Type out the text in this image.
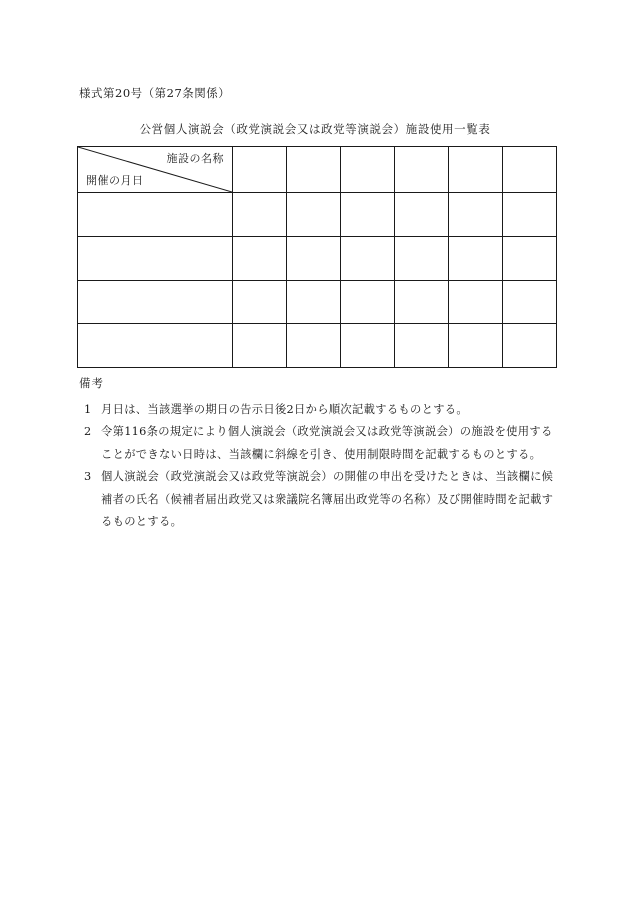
様式第20号（第27条関係）
公営個人演説会（政党演説会又は政党等演説会）施設使用一覧表
施設の名称
開催の月日						

備考

1 月日は、当該選挙の期日の告示日後2日から順次記載するものとする。

2 令第116条の規定により個人演説会（政党演説会又は政党等演説会）の施設を使用することができない日時は、当該欄に斜線を引き、使用制限時間を記載するものとする。

3 個人演説会（政党演説会又は政党等演説会）の開催の申出を受けたときは、当該欄に候補者の氏名（候補者届出政党又は衆議院名簿届出政党等の名称）及び開催時間を記載するものとする。
